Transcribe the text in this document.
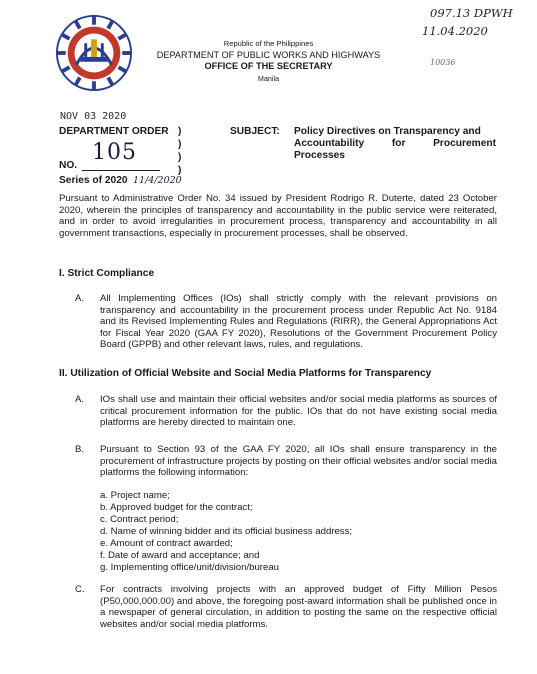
097.13 DPWH
11.04.2020
10036
NOV 03 2020
Republic of the Philippines
DEPARTMENT OF PUBLIC WORKS AND HIGHWAYS
OFFICE OF THE SECRETARY
Manila
DEPARTMENT ORDER )
)
)
)
NO.
105
Series of 2020 11/4/2020
SUBJECT: Policy Directives on Transparency and
Accountability	for	Procurement
Processes
Pursuant to Administrative Order No. 34 issued by President Rodrigo R. Duterte, dated 23 October 2020, wherein the principles of transparency and accountability in the public service were reiterated, and in order to avoid irregularities in procurement process, transparency and accountability in all government transactions, especially in procurement processes, shall be observed.
I. Strict Compliance
A. All Implementing Offices (IOs) shall strictly comply with the relevant provisions on transparency and accountability in the procurement process under Republic Act No. 9184 and its Revised Implementing Rules and Regulations (RIRR), the General Appropriations Act for Fiscal Year 2020 (GAA FY 2020), Resolutions of the Government Procurement Policy Board (GPPB) and other relevant laws, rules, and regulations.
II. Utilization of Official Website and Social Media Platforms for Transparency
A. IOs shall use and maintain their official websites and/or social media platforms as sources of critical procurement information for the public. IOs that do not have existing social media platforms are hereby directed to maintain one.
B. Pursuant to Section 93 of the GAA FY 2020, all IOs shall ensure transparency in the procurement of infrastructure projects by posting on their official websites and/or social media platforms the following information:
a. Project name;
b. Approved budget for the contract;
c. Contract period;
d. Name of winning bidder and its official business address;
e. Amount of contract awarded;
f. Date of award and acceptance; and
g. Implementing office/unit/division/bureau
C. For contracts involving projects with an approved budget of Fifty Million Pesos (P50,000,000.00) and above, the foregoing post-award information shall be published once in a newspaper of general circulation, in addition to posting the same on the respective official websites and/or social media platforms.
